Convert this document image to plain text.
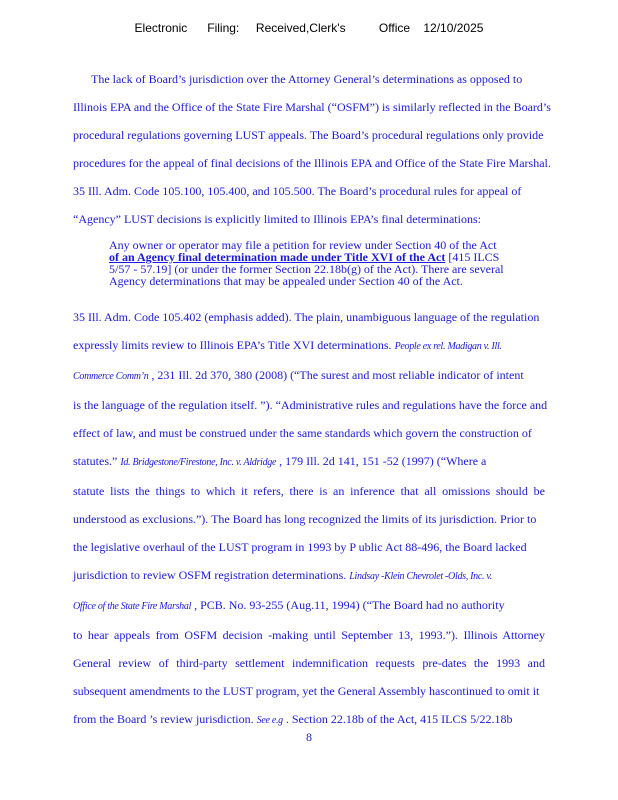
Electronic      Filing:     Received,Clerk's          Office    12/10/2025
The lack of Board’s jurisdiction over the Attorney General’s determinations as opposed to
Illinois EPA and the Office of the State Fire Marshal (“OSFM”) is similarly reflected in the Board’s
procedural regulations governing LUST appeals. The Board’s procedural regulations only provide
procedures for the appeal of final decisions of the Illinois EPA and Office of the State Fire Marshal.
35 Ill. Adm. Code 105.100, 105.400, and 105.500. The Board’s procedural rules for appeal of
“Agency” LUST decisions is explicitly limited to Illinois EPA’s final determinations:
Any owner or operator may file a petition for review under Section 40 of the Act
of an Agency final determination made under Title XVI of the Act [415 ILCS
5/57 - 57.19] (or under the former Section 22.18b(g) of the Act). There are several
Agency determinations that may be appealed under Section 40 of the Act.
35 Ill. Adm. Code 105.402 (emphasis added). The plain, unambiguous language of the regulation
expressly limits review to Illinois EPA’s Title XVI determinations. People ex rel. Madigan v. Ill.
Commerce Comm’n , 231 Ill. 2d 370, 380 (2008) (“The surest and most reliable indicator of intent
is the language of the regulation itself. ”). “Administrative rules and regulations have the force and
effect of law, and must be construed under the same standards which govern the construction of
statutes.” Id. Bridgestone/Firestone, Inc. v. Aldridge , 179 Ill. 2d 141, 151 -52 (1997) (“Where a
statute lists the things to which it refers, there is an inference that all omissions should be
understood as exclusions.”). The Board has long recognized the limits of its jurisdiction. Prior to
the legislative overhaul of the LUST program in 1993 by P ublic Act 88-496, the Board lacked
jurisdiction to review OSFM registration determinations. Lindsay -Klein Chevrolet -Olds, Inc. v.
Office of the State Fire Marshal , PCB. No. 93-255 (Aug.11, 1994) (“The Board had no authority
to hear appeals from OSFM decision -making until September 13, 1993.”). Illinois Attorney
General review of third-party settlement indemnification requests pre-dates the 1993 and
subsequent amendments to the LUST program, yet the General Assembly hascontinued to omit it
from the Board ’s review jurisdiction. See e.g . Section 22.18b of the Act, 415 ILCS 5/22.18b
8
